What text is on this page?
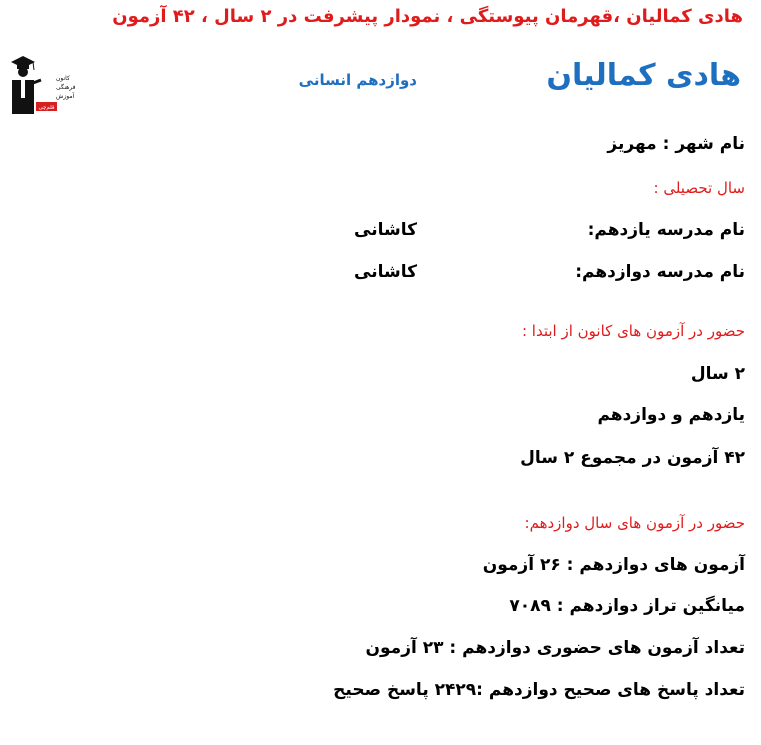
هادی کمالیان ،قهرمان پیوستگی ، نمودار پیشرفت در ۲ سال ، ۴۲ آزمون
کانون
فرهنگی
آموزش
قلم‌چی
هادی کمالیان
دوازدهم انسانی
نام شهر : مهریز
سال تحصیلی :
نام مدرسه یازدهم:
کاشانی
نام مدرسه دوازدهم:
کاشانی
حضور در آزمون های کانون از ابتدا :
۲ سال
یازدهم و دوازدهم
۴۲ آزمون در مجموع ۲ سال
حضور در آزمون های سال دوازدهم:
آزمون های دوازدهم : ۲۶ آزمون
میانگین تراز دوازدهم : ۷۰۸۹
تعداد آزمون های حضوری دوازدهم : ۲۳ آزمون
تعداد پاسخ های صحیح دوازدهم :۲۴۲۹ پاسخ صحیح
